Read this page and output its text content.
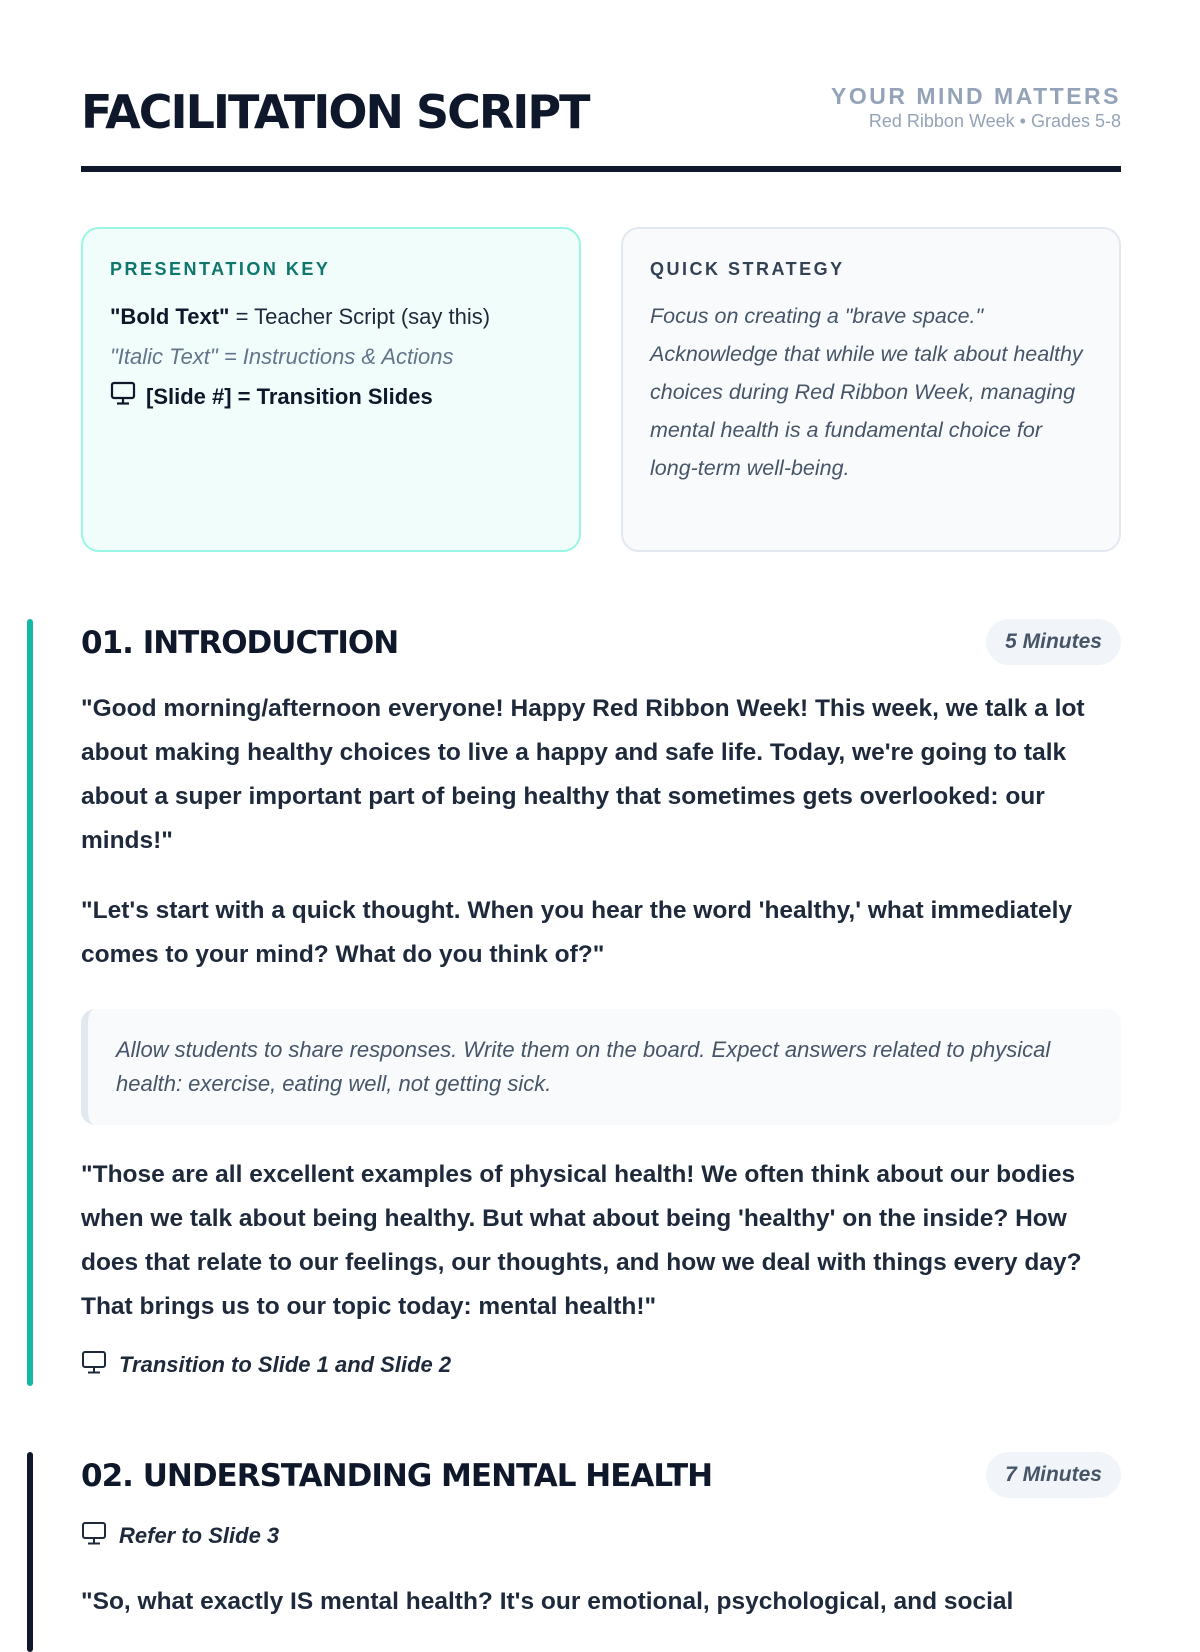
FACILITATION SCRIPT	YOUR MIND MATTERS
Red Ribbon Week • Grades 5-8
PRESENTATION KEY
"Bold Text" = Teacher Script (say this)
"Italic Text" = Instructions & Actions
[Slide #] = Transition Slides
QUICK STRATEGY
Focus on creating a "brave space." Acknowledge that while we talk about healthy choices during Red Ribbon Week, managing mental health is a fundamental choice for long-term well-being.
01. INTRODUCTION	5 Minutes

"Good morning/afternoon everyone! Happy Red Ribbon Week! This week, we talk a lot about making healthy choices to live a happy and safe life. Today, we're going to talk about a super important part of being healthy that sometimes gets overlooked: our minds!"

"Let's start with a quick thought. When you hear the word 'healthy,' what immediately comes to your mind? What do you think of?"

Allow students to share responses. Write them on the board. Expect answers related to physical health: exercise, eating well, not getting sick.

"Those are all excellent examples of physical health! We often think about our bodies when we talk about being healthy. But what about being 'healthy' on the inside? How does that relate to our feelings, our thoughts, and how we deal with things every day? That brings us to our topic today: mental health!"

Transition to Slide 1 and Slide 2
02. UNDERSTANDING MENTAL HEALTH	7 Minutes
Refer to Slide 3

"So, what exactly IS mental health? It's our emotional, psychological, and social
